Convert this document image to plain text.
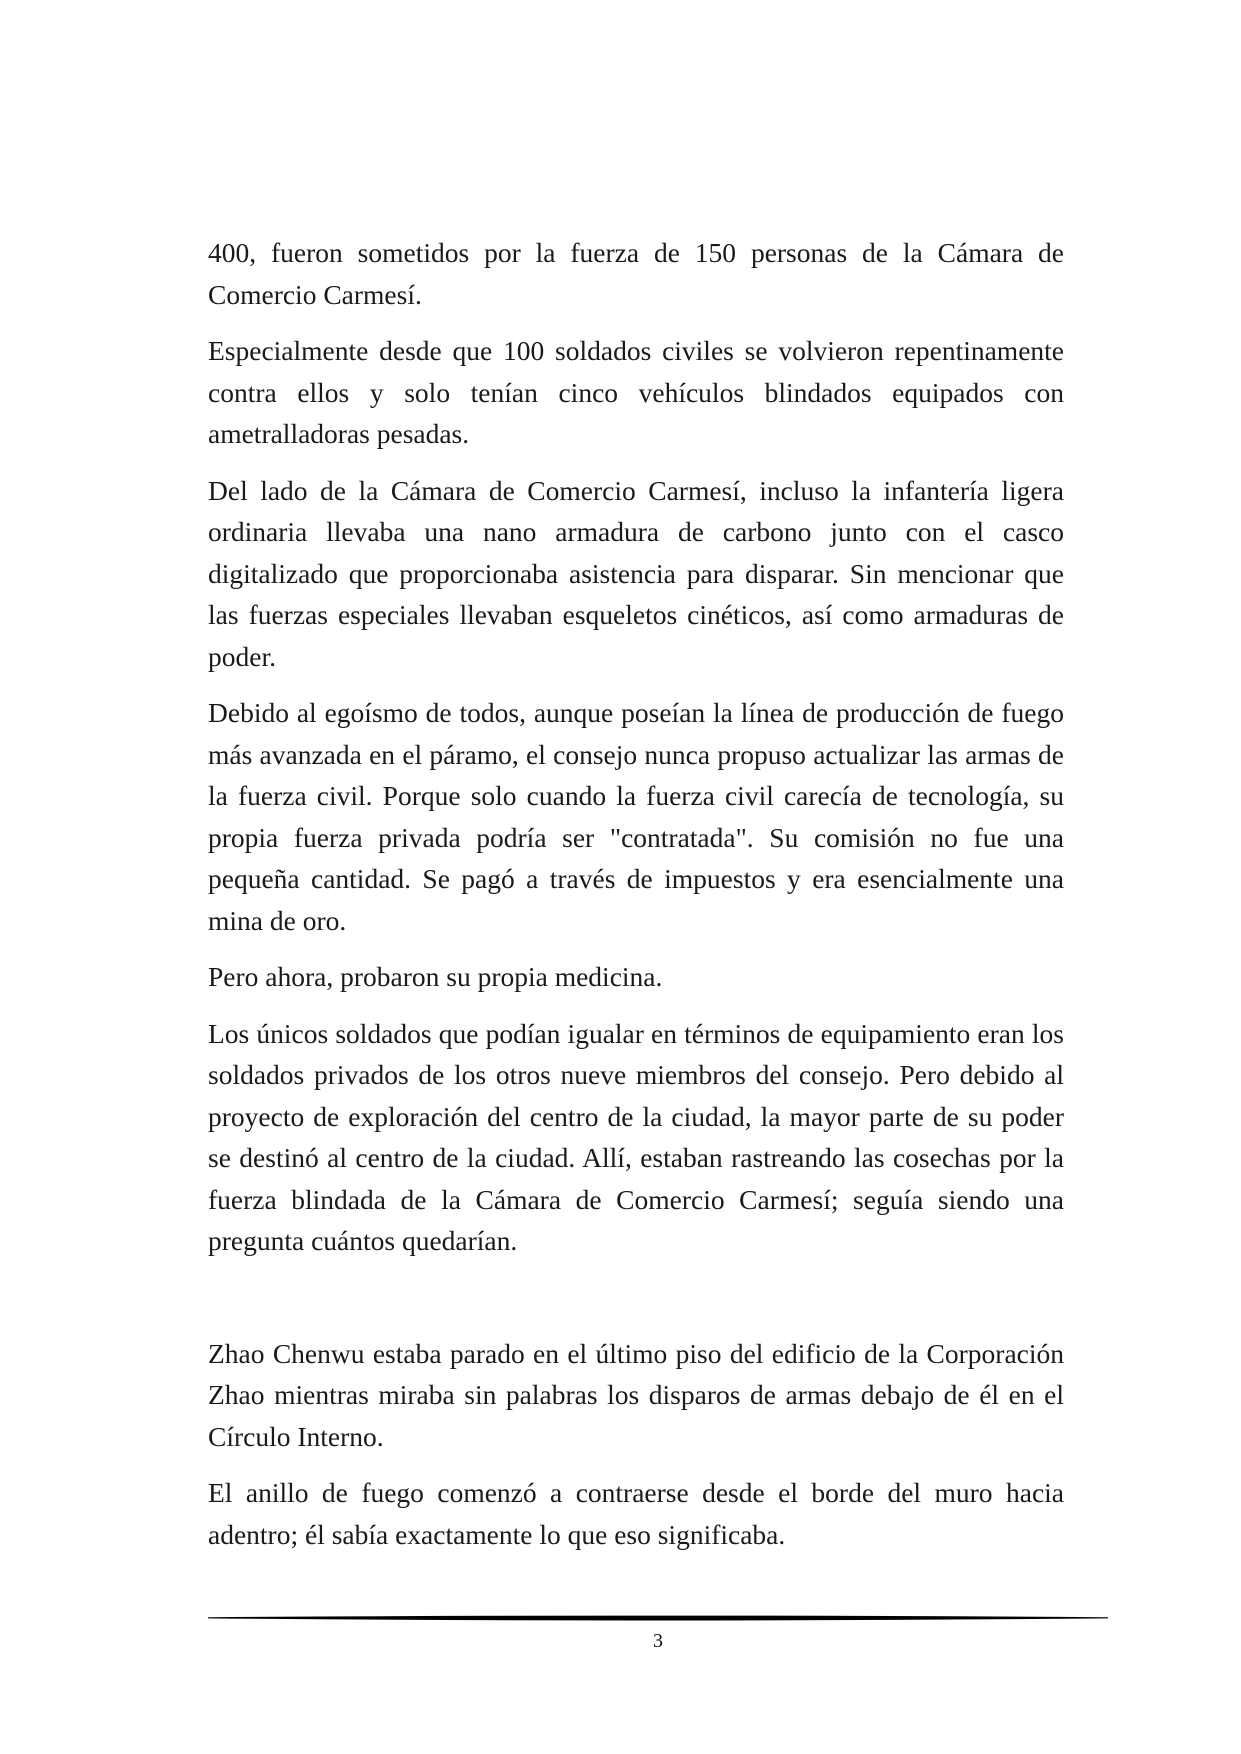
400, fueron sometidos por la fuerza de 150 personas de la Cámara de Comercio Carmesí.

Especialmente desde que 100 soldados civiles se volvieron repentinamente contra ellos y solo tenían cinco vehículos blindados equipados con ametralladoras pesadas.

Del lado de la Cámara de Comercio Carmesí, incluso la infantería ligera ordinaria llevaba una nano armadura de carbono junto con el casco digitalizado que proporcionaba asistencia para disparar. Sin mencionar que las fuerzas especiales llevaban esqueletos cinéticos, así como armaduras de poder.

Debido al egoísmo de todos, aunque poseían la línea de producción de fuego más avanzada en el páramo, el consejo nunca propuso actualizar las armas de la fuerza civil. Porque solo cuando la fuerza civil carecía de tecnología, su propia fuerza privada podría ser "contratada". Su comisión no fue una pequeña cantidad. Se pagó a través de impuestos y era esencialmente una mina de oro.

Pero ahora, probaron su propia medicina.

Los únicos soldados que podían igualar en términos de equipamiento eran los soldados privados de los otros nueve miembros del consejo. Pero debido al proyecto de exploración del centro de la ciudad, la mayor parte de su poder se destinó al centro de la ciudad. Allí, estaban rastreando las cosechas por la fuerza blindada de la Cámara de Comercio Carmesí; seguía siendo una pregunta cuántos quedarían.

Zhao Chenwu estaba parado en el último piso del edificio de la Corporación Zhao mientras miraba sin palabras los disparos de armas debajo de él en el Círculo Interno.

El anillo de fuego comenzó a contraerse desde el borde del muro hacia adentro; él sabía exactamente lo que eso significaba.

3
